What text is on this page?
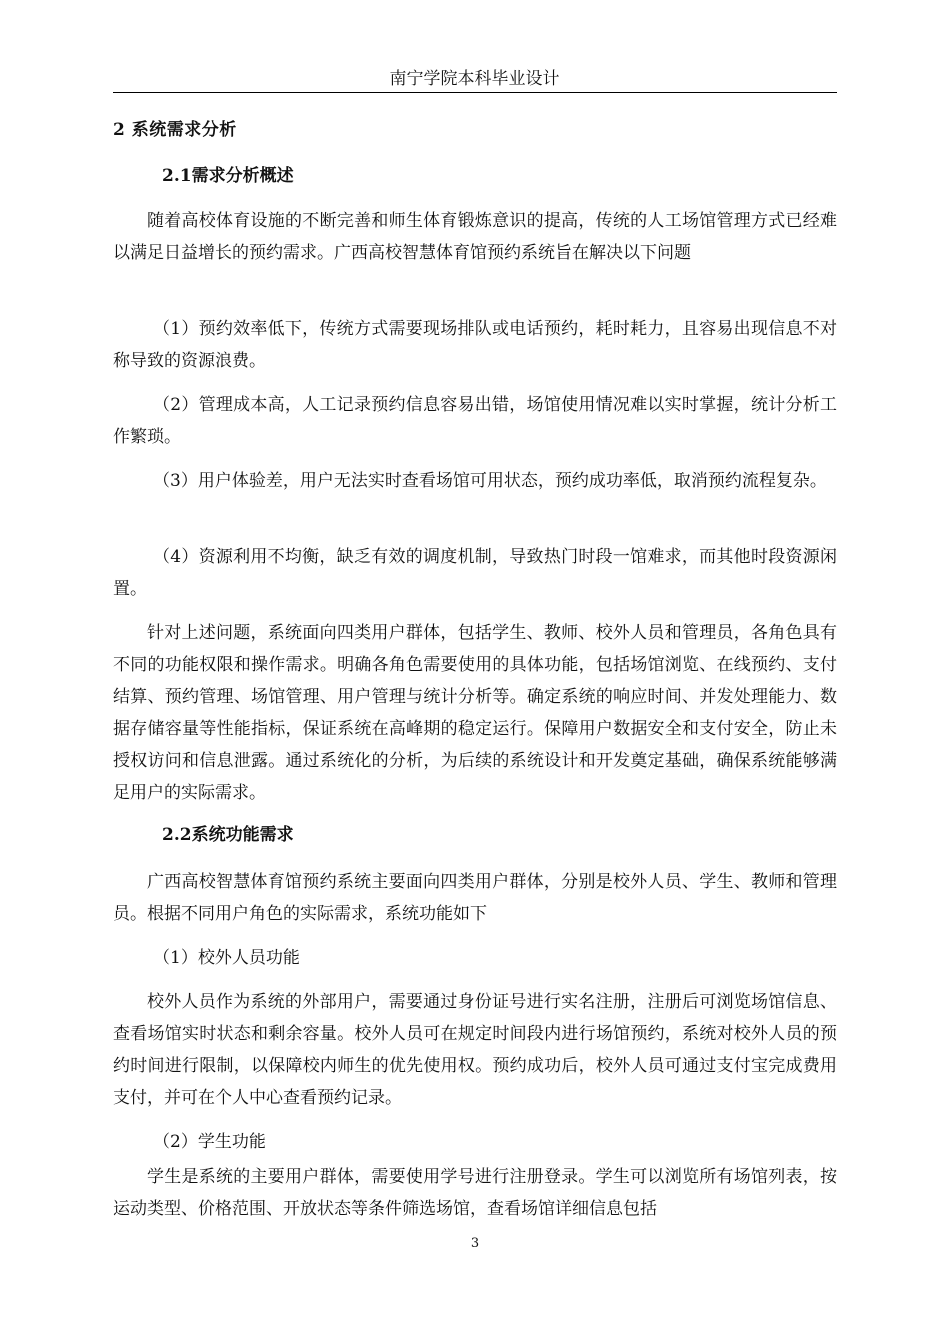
南宁学院本科毕业设计
2 系统需求分析
2.1需求分析概述

随着高校体育设施的不断完善和师生体育锻炼意识的提高，传统的人工场馆管理方式已经难以满足日益增长的预约需求。广西高校智慧体育馆预约系统旨在解决以下问题

（1）预约效率低下，传统方式需要现场排队或电话预约，耗时耗力，且容易出现信息不对称导致的资源浪费。

（2）管理成本高，人工记录预约信息容易出错，场馆使用情况难以实时掌握，统计分析工作繁琐。

（3）用户体验差，用户无法实时查看场馆可用状态，预约成功率低，取消预约流程复杂。

（4）资源利用不均衡，缺乏有效的调度机制，导致热门时段一馆难求，而其他时段资源闲置。

针对上述问题，系统面向四类用户群体，包括学生、教师、校外人员和管理员，各角色具有不同的功能权限和操作需求。明确各角色需要使用的具体功能，包括场馆浏览、在线预约、支付结算、预约管理、场馆管理、用户管理与统计分析等。确定系统的响应时间、并发处理能力、数据存储容量等性能指标，保证系统在高峰期的稳定运行。保障用户数据安全和支付安全，防止未授权访问和信息泄露。通过系统化的分析，为后续的系统设计和开发奠定基础，确保系统能够满足用户的实际需求。

2.2系统功能需求

广西高校智慧体育馆预约系统主要面向四类用户群体，分别是校外人员、学生、教师和管理员。根据不同用户角色的实际需求，系统功能如下

（1）校外人员功能

校外人员作为系统的外部用户，需要通过身份证号进行实名注册，注册后可浏览场馆信息、查看场馆实时状态和剩余容量。校外人员可在规定时间段内进行场馆预约，系统对校外人员的预约时间进行限制，以保障校内师生的优先使用权。预约成功后，校外人员可通过支付宝完成费用支付，并可在个人中心查看预约记录。

（2）学生功能

学生是系统的主要用户群体，需要使用学号进行注册登录。学生可以浏览所有场馆列表，按运动类型、价格范围、开放状态等条件筛选场馆，查看场馆详细信息包括

3
